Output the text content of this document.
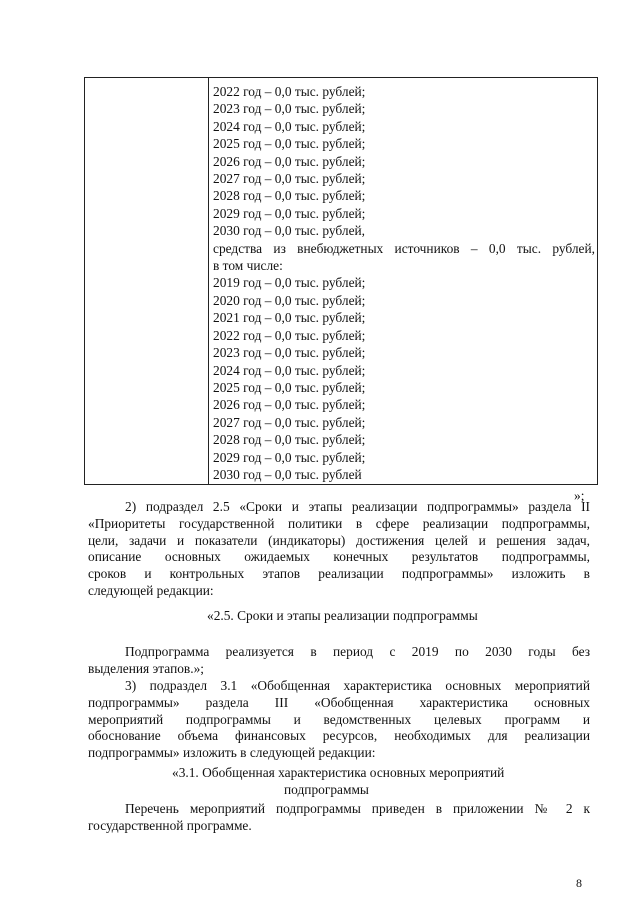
2022 год – 0,0 тыс. рублей;
2023 год – 0,0 тыс. рублей;
2024 год – 0,0 тыс. рублей;
2025 год – 0,0 тыс. рублей;
2026 год – 0,0 тыс. рублей;
2027 год – 0,0 тыс. рублей;
2028 год – 0,0 тыс. рублей;
2029 год – 0,0 тыс. рублей;
2030 год – 0,0 тыс. рублей,
средства из внебюджетных источников – 0,0 тыс. рублей,
в том числе:
2019 год – 0,0 тыс. рублей;
2020 год – 0,0 тыс. рублей;
2021 год – 0,0 тыс. рублей;
2022 год – 0,0 тыс. рублей;
2023 год – 0,0 тыс. рублей;
2024 год – 0,0 тыс. рублей;
2025 год – 0,0 тыс. рублей;
2026 год – 0,0 тыс. рублей;
2027 год – 0,0 тыс. рублей;
2028 год – 0,0 тыс. рублей;
2029 год – 0,0 тыс. рублей;
2030 год – 0,0 тыс. рублей
»;
2) подраздел 2.5 «Сроки и этапы реализации подпрограммы» раздела II
«Приоритеты государственной политики в сфере реализации подпрограммы,
цели, задачи и показатели (индикаторы) достижения целей и решения задач,
описание основных ожидаемых конечных результатов подпрограммы,
сроков и контрольных этапов реализации подпрограммы» изложить в
следующей редакции:
«2.5. Сроки и этапы реализации подпрограммы
Подпрограмма реализуется в период с 2019 по 2030 годы без
выделения этапов.»;
3) подраздел 3.1 «Обобщенная характеристика основных мероприятий
подпрограммы» раздела III «Обобщенная характеристика основных
мероприятий подпрограммы и ведомственных целевых программ и
обоснование объема финансовых ресурсов, необходимых для реализации
подпрограммы» изложить в следующей редакции:
«3.1. Обобщенная характеристика основных мероприятий
подпрограммы
Перечень мероприятий подпрограммы приведен в приложении № 2 к
государственной программе.
8
